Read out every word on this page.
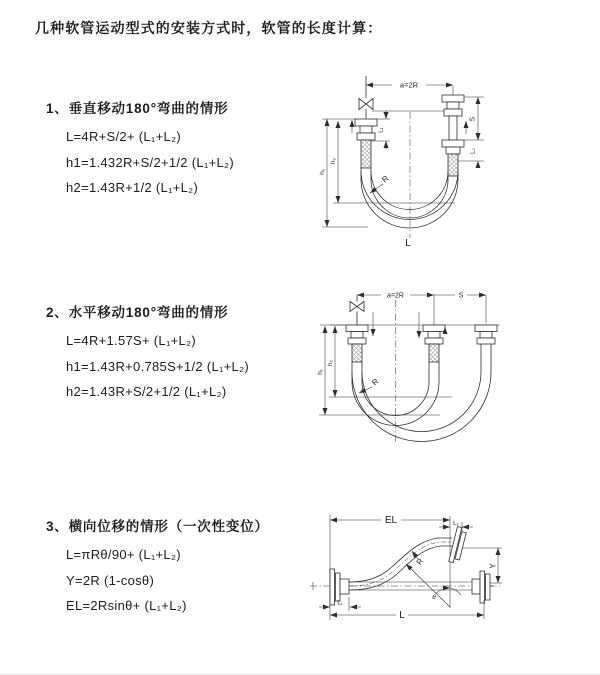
几种软管运动型式的安装方式时，软管的长度计算：
1、垂直移动180°弯曲的情形
L=4R+S/2+ (L₁+L₂)
h1=1.432R+S/2+1/2 (L₁+L₂)
h2=1.43R+1/2 (L₁+L₂)
2、水平移动180°弯曲的情形
L=4R+1.57S+ (L₁+L₂)
h1=1.43R+0.785S+1/2 (L₁+L₂)
h2=1.43R+S/2+1/2 (L₁+L₂)
3、横向位移的情形（一次性变位）
L=πRθ/90+ (L₁+L₂)
Y=2R (1-cosθ)
EL=2Rsinθ+ (L₁+L₂)
a=2R
L₁
S
L₂
h₁
h₂
R
L
a=2R	S
h₁
h₂
R
EL	L₂
Y
R
θ
L
L₁
